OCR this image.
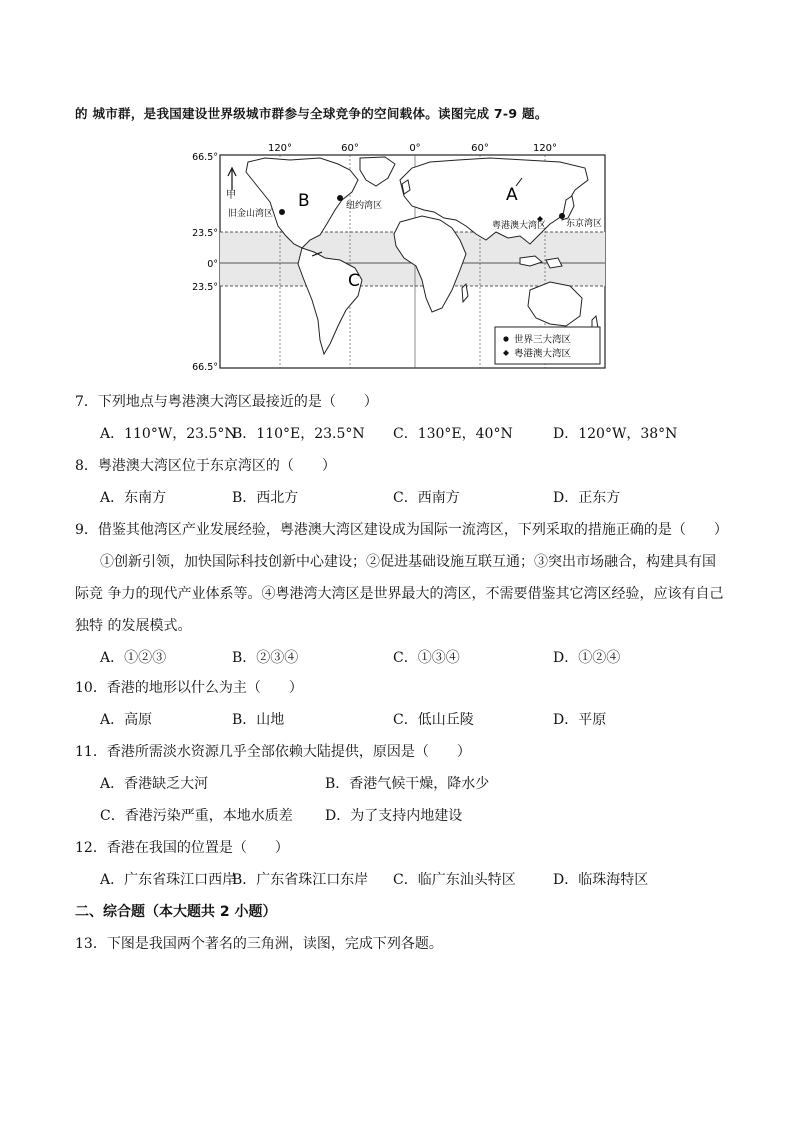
的 城市群，是我国建设世界级城市群参与全球竞争的空间载体。读图完成 7-9 题。
120°	60°	0°	60°	120°
66.5°
23.5°
0°
23.5°
66.5°
世界三大湾区
粤港澳大湾区
A
B
C
甲
旧金山湾区
纽约湾区
东京湾区
粤港澳大湾区
7．下列地点与粤港澳大湾区最接近的是（　　）
A．110°W，23.5°N
B．110°E，23.5°N C．130°E，40°N	D．120°W，38°N
8．粤港澳大湾区位于东京湾区的（　　）
A．东南方	B．西北方	C．西南方	D．正东方
9．借鉴其他湾区产业发展经验，粤港澳大湾区建设成为国际一流湾区，下列采取的措施正确的是（　　）
①创新引领，加快国际科技创新中心建设；②促进基础设施互联互通；③突出市场融合，构建具有国
际竞 争力的现代产业体系等。④粤港湾大湾区是世界最大的湾区，不需要借鉴其它湾区经验，应该有自己
独特 的发展模式。
A．①②③	B．②③④	C．①③④	D．①②④
10．香港的地形以什么为主（　　）
A．高原	B．山地	C．低山丘陵	D．平原
11．香港所需淡水资源几乎全部依赖大陆提供，原因是（　　）
A．香港缺乏大河	B．香港气候干燥，降水少
C．香港污染严重，本地水质差 D．为了支持内地建设
12．香港在我国的位置是（　　）
A．广东省珠江口西岸
B．广东省珠江口东岸 C．临广东汕头特区	D．临珠海特区
二、综合题（本大题共 2 小题）
13．下图是我国两个著名的三角洲，读图，完成下列各题。
